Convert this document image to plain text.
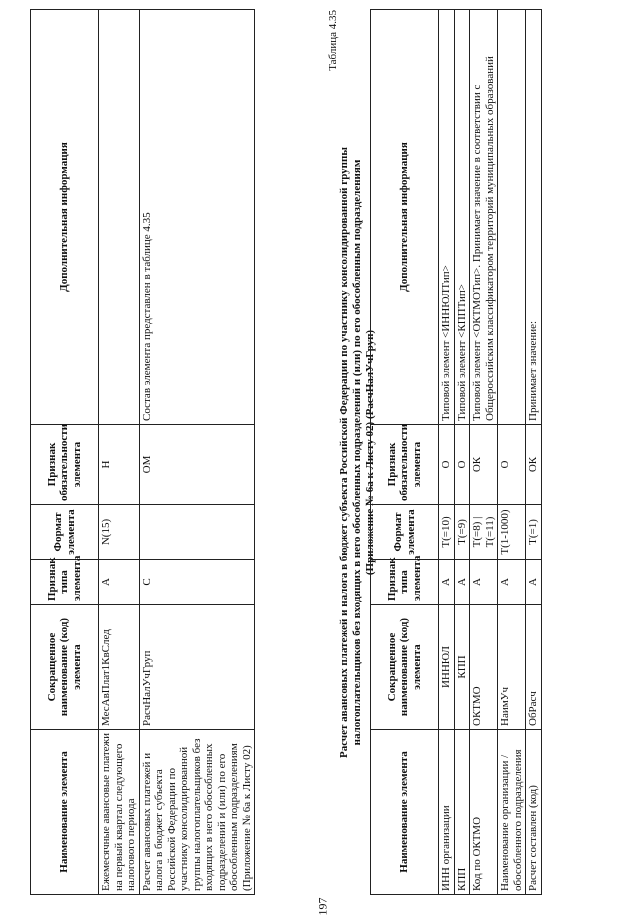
197
Наименование элемента	Сокращенное наименование (код) элемента	Признак типа элемента	Формат элемента	Признак обязательности элемента	Дополнительная информация
Ежемесячные авансовые платежи на первый квартал следующего налогового периода	МесАвПлат1КвСлед	А	N(15)	Н	
Расчет авансовых платежей и налога в бюджет субъекта Российской Федерации по участнику консолидированной группы налогоплательщиков без входящих в него обособленных подразделений и (или) по его обособленным подразделениям (Приложение № 6а к Листу 02)	РасчНалУчГруп	С		ОМ	Состав элемента представлен в таблице 4.35
Таблица 4.35
Расчет авансовых платежей и налога в бюджет субъекта Российской Федерации по участнику консолидированной группы налогоплательщиков без входящих в него обособленных подразделений и (или) по его обособленным подразделениям (Приложение № 6а к Листу 02) (РасчНалУчГруп)
Наименование элемента	Сокращенное наименование (код) элемента	Признак типа элемента	Формат элемента	Признак обязательности элемента	Дополнительная информация
ИНН организации	ИННЮЛ	А	Т(=10)	О	Типовой элемент <ИННЮЛТип>
КПП	КПП	А	Т(=9)	О	Типовой элемент <КППТип>
Код по ОКТМО	ОКТМО	А	Т(=8) | Т(=11)	ОК	Типовой элемент <ОКТМОТип>. Принимает значение в соответствии с Общероссийским классификатором территорий муниципальных образований
Наименование организации / обособленного подразделения	НаимУч	А	Т(1-1000)	О	
Расчет составлен (код)	ОбРасч	А	Т(=1)	ОК	Принимает значение:
